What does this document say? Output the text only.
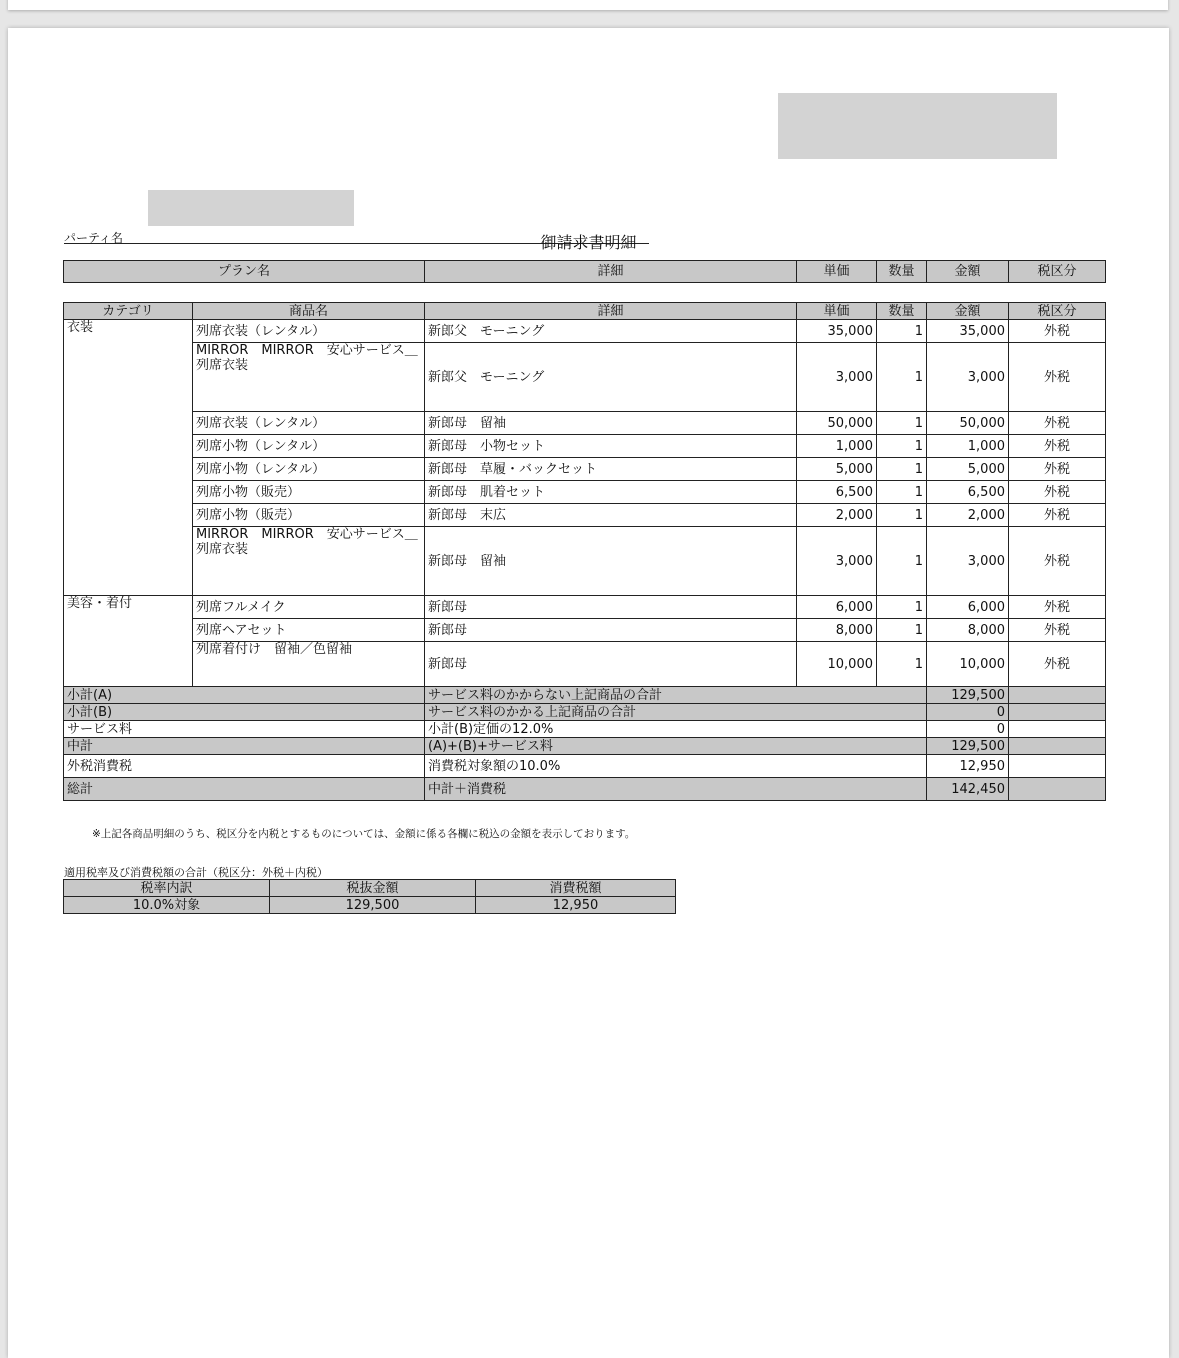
パーティ名	御請求書明細
プラン名	詳細	単価	数量	金額	税区分
カテゴリ	商品名	詳細	単価	数量	金額	税区分
衣装	列席衣装（レンタル）	新郎父　モーニング	35,000	1	35,000	外税
	MIRROR　MIRROR　安心サービス＿列席衣装	新郎父　モーニング	3,000	1	3,000	外税
	列席衣装（レンタル）	新郎母　留袖	50,000	1	50,000	外税
	列席小物（レンタル）	新郎母　小物セット	1,000	1	1,000	外税
	列席小物（レンタル）	新郎母　草履・バックセット	5,000	1	5,000	外税
	列席小物（販売）	新郎母　肌着セット	6,500	1	6,500	外税
	列席小物（販売）	新郎母　末広	2,000	1	2,000	外税
	MIRROR　MIRROR　安心サービス＿列席衣装	新郎母　留袖	3,000	1	3,000	外税
美容・着付	列席フルメイク	新郎母	6,000	1	6,000	外税
	列席ヘアセット	新郎母	8,000	1	8,000	外税
	列席着付け　留袖／色留袖	新郎母	10,000	1	10,000	外税
小計(A)		サービス料のかからない上記商品の合計			129,500	
小計(B)		サービス料のかかる上記商品の合計			0	
サービス料		小計(B)定価の12.0%			0	
中計		(A)+(B)+サービス料			129,500	
外税消費税		消費税対象額の10.0%			12,950	
総計		中計＋消費税			142,450	
※上記各商品明細のうち、税区分を内税とするものについては、金額に係る各欄に税込の金額を表示しております。
適用税率及び消費税額の合計（税区分：外税＋内税）
税率内訳	税抜金額	消費税額
10.0%対象	129,500	12,950
